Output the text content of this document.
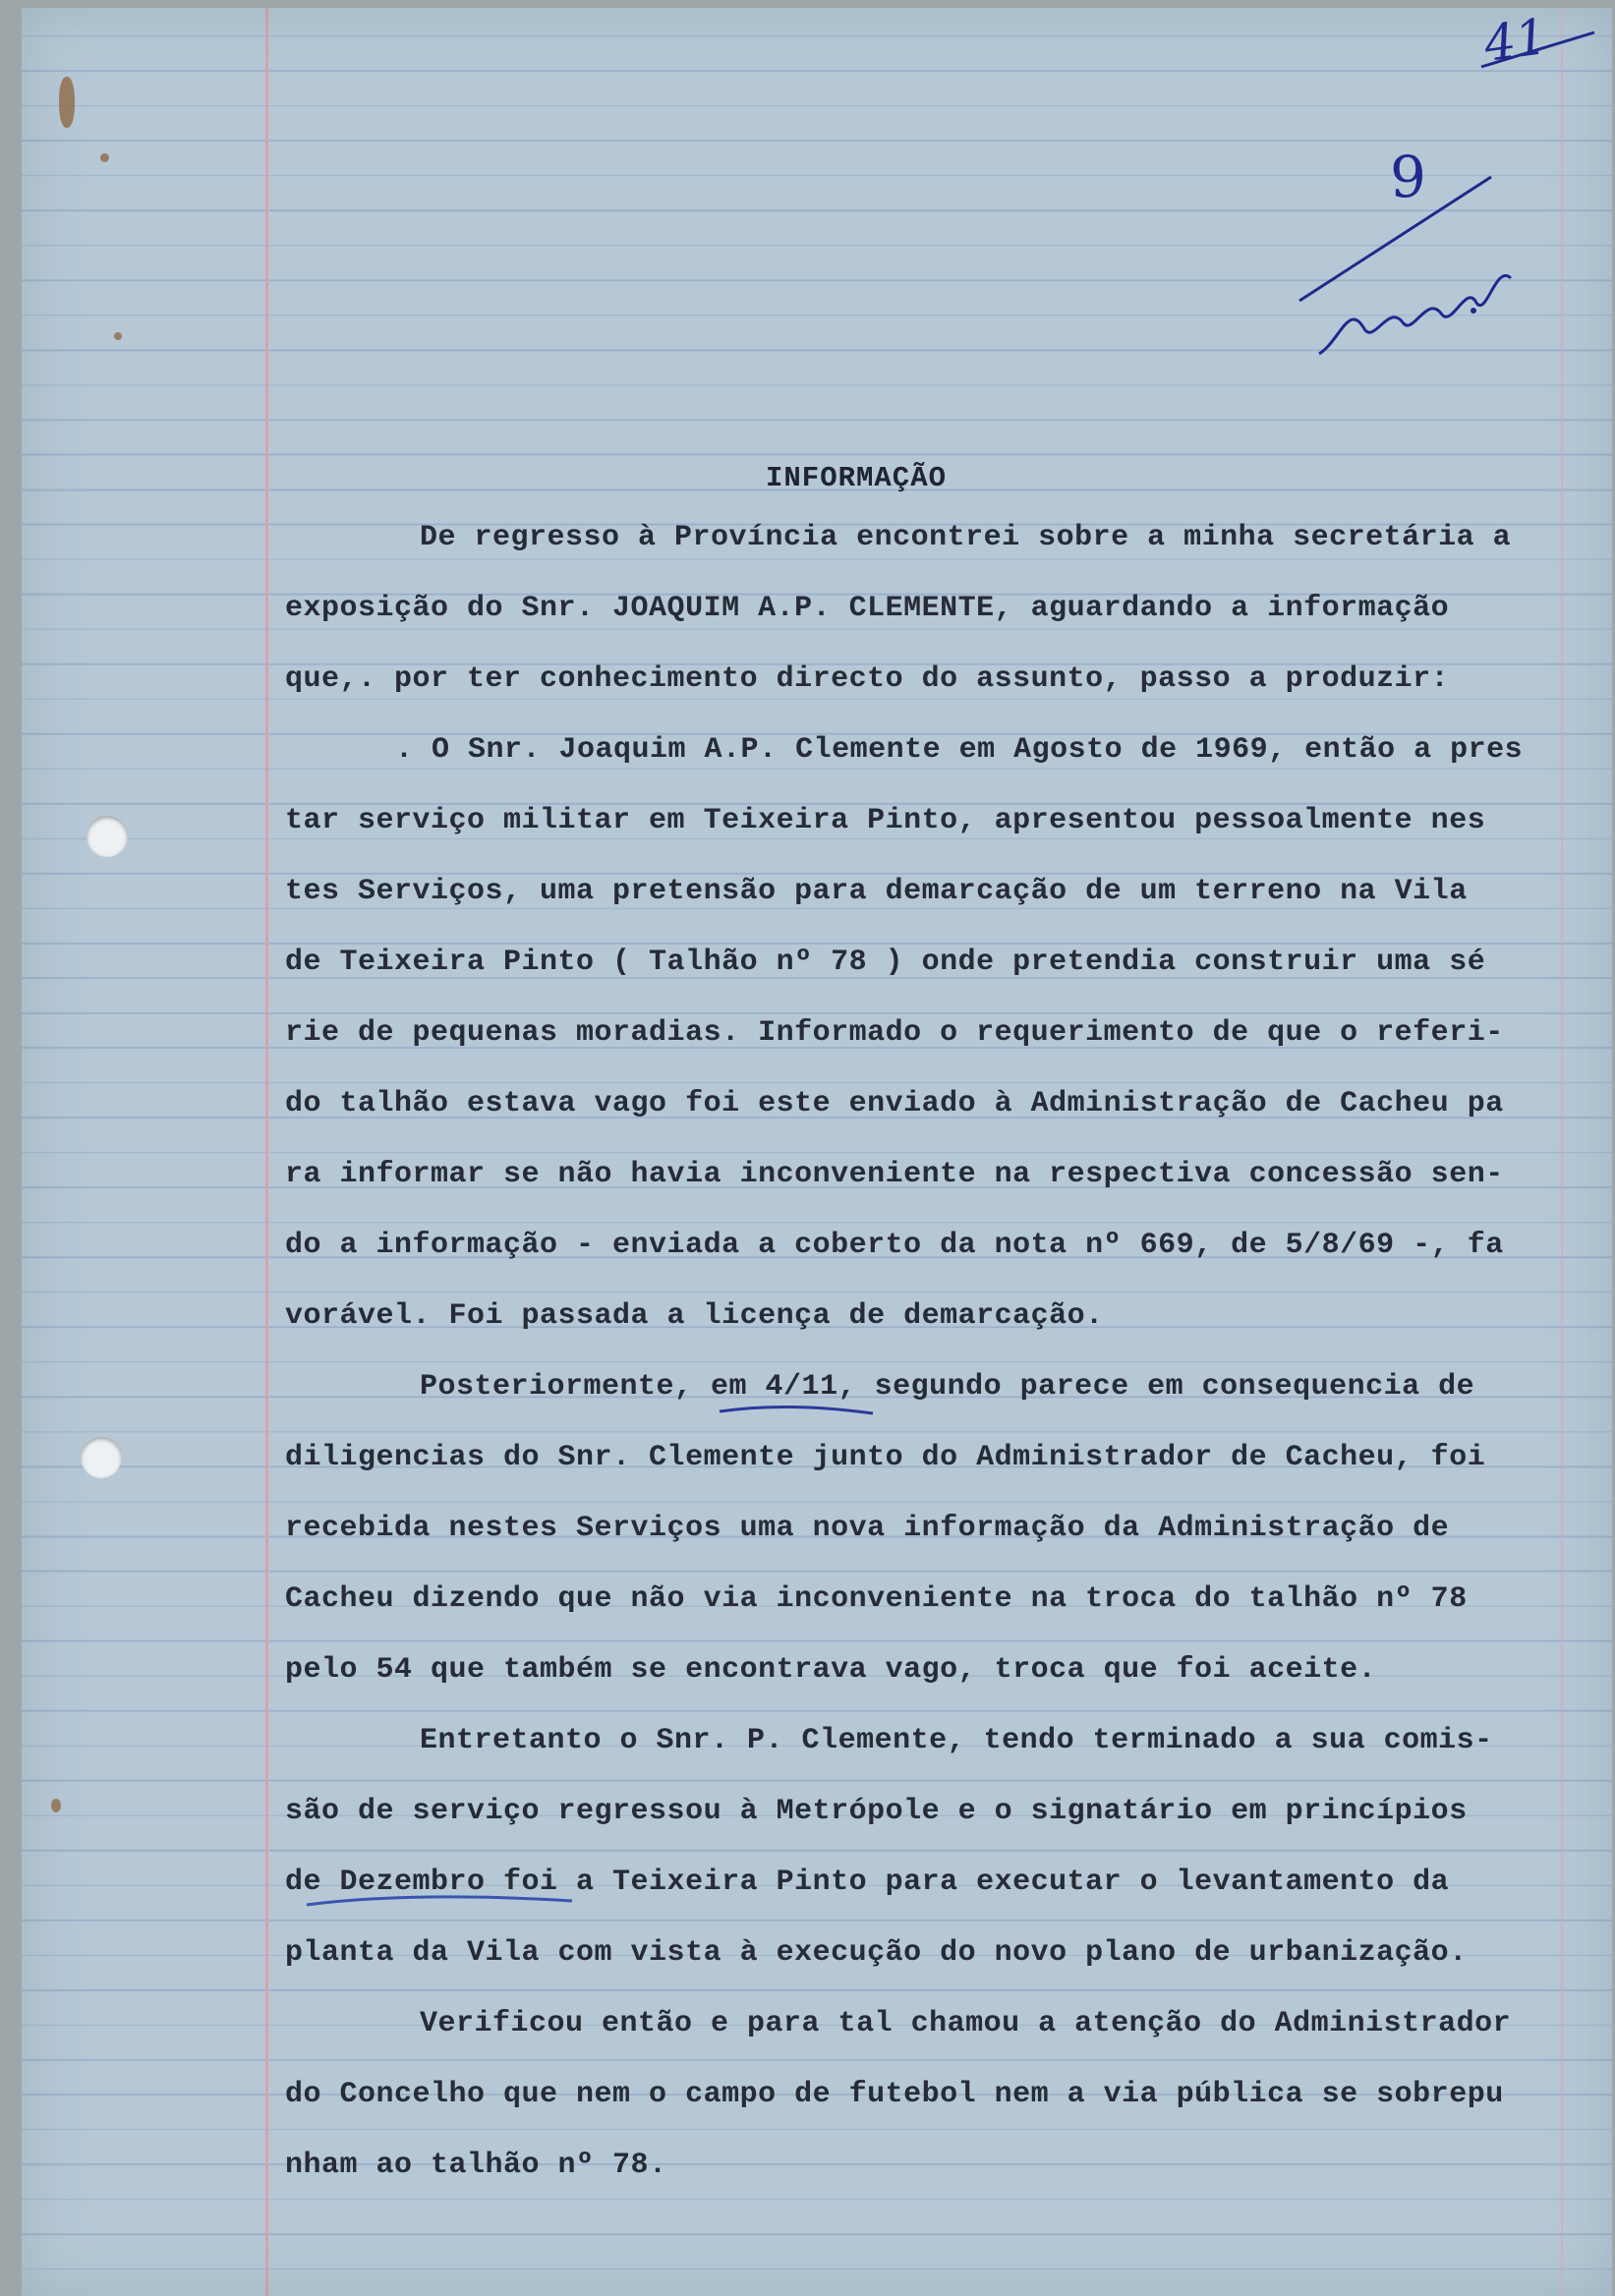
41
9
INFORMAÇÃO
De regresso à Província encontrei sobre a minha secretária a
exposição do Snr. JOAQUIM A.P. CLEMENTE, aguardando a informação
que,. por ter conhecimento directo do assunto, passo a produzir:
. O Snr. Joaquim A.P. Clemente em Agosto de 1969, então a pres
tar serviço militar em Teixeira Pinto, apresentou pessoalmente nes
tes Serviços, uma pretensão para demarcação de um terreno na Vila
de Teixeira Pinto ( Talhão nº 78 ) onde pretendia construir uma sé
rie de pequenas moradias. Informado o requerimento de que o referi-
do talhão estava vago foi este enviado à Administração de Cacheu pa
ra informar se não havia inconveniente na respectiva concessão sen-
do a informação - enviada a coberto da nota nº 669, de 5/8/69 -, fa
vorável. Foi passada a licença de demarcação.
Posteriormente, em 4/11, segundo parece em consequencia de
diligencias do Snr. Clemente junto do Administrador de Cacheu, foi
recebida nestes Serviços uma nova informação da Administração de
Cacheu dizendo que não via inconveniente na troca do talhão nº 78
pelo 54 que também se encontrava vago, troca que foi aceite.
Entretanto o Snr. P. Clemente, tendo terminado a sua comis-
são de serviço regressou à Metrópole e o signatário em princípios
de Dezembro foi a Teixeira Pinto para executar o levantamento da
planta da Vila com vista à execução do novo plano de urbanização.
Verificou então e para tal chamou a atenção do Administrador
do Concelho que nem o campo de futebol nem a via pública se sobrepu
nham ao talhão nº 78.
